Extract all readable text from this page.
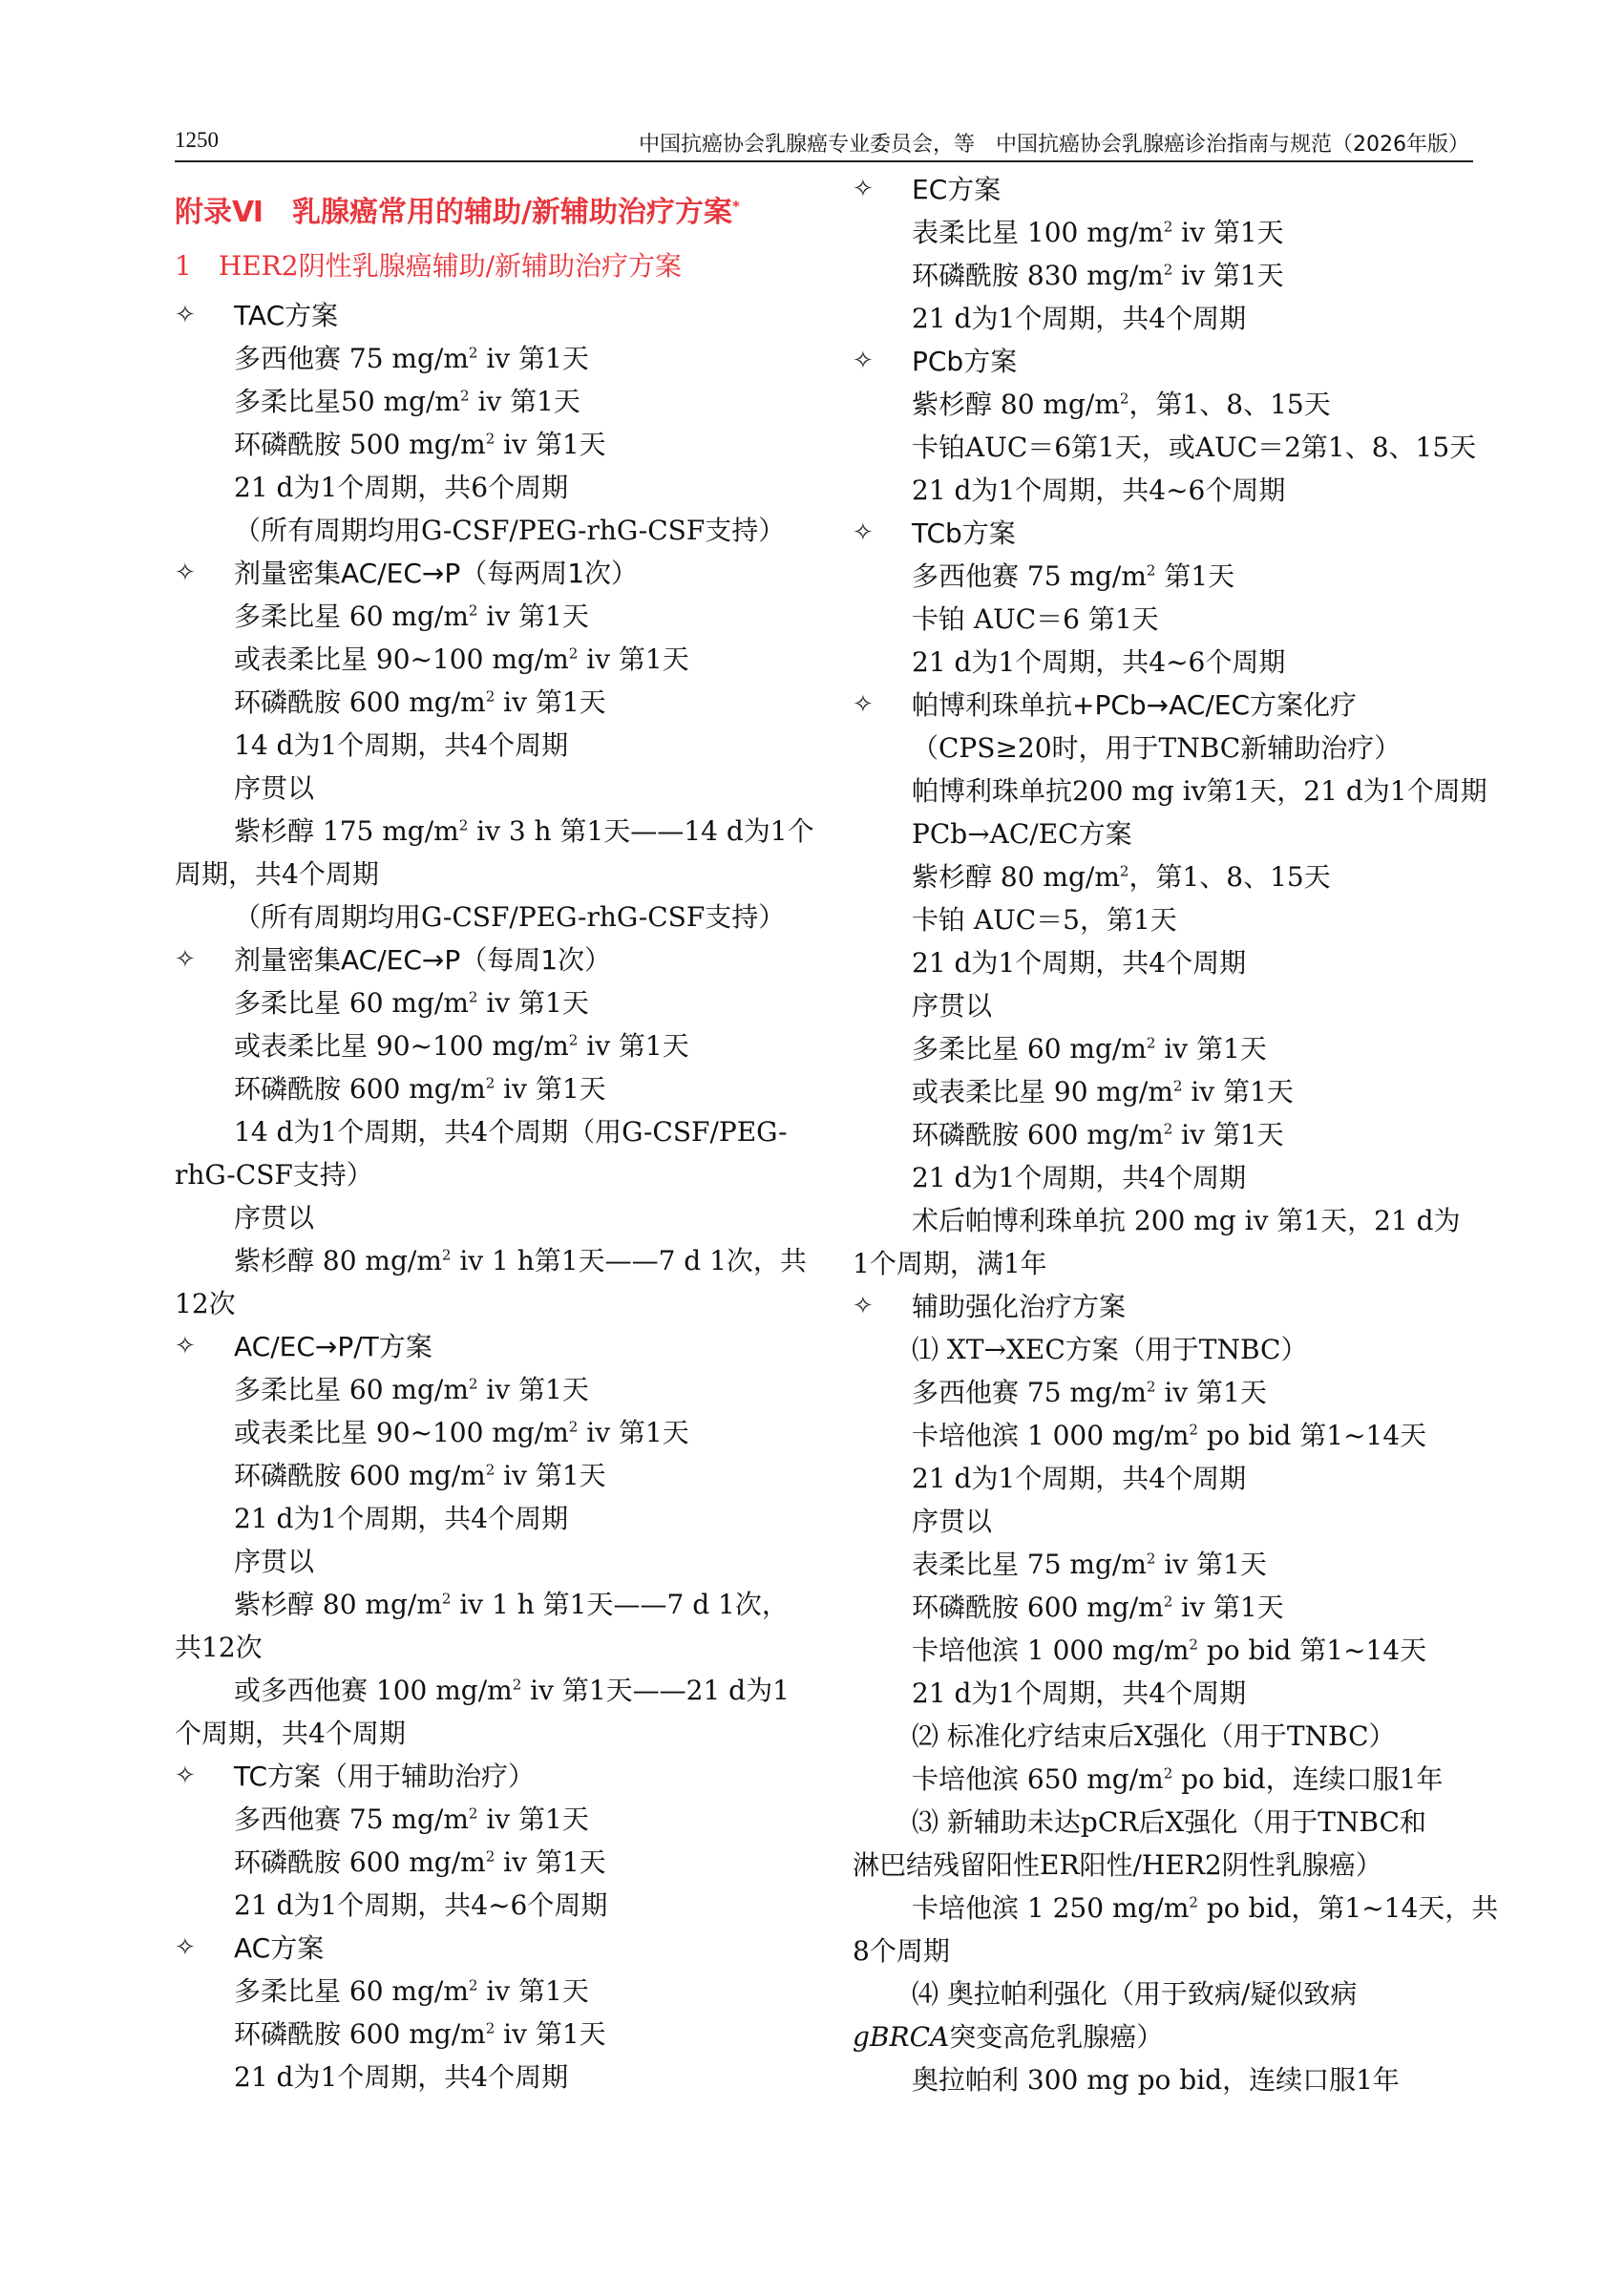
1250	中国抗癌协会乳腺癌专业委员会，等　中国抗癌协会乳腺癌诊治指南与规范（2026年版）
附录Ⅵ　乳腺癌常用的辅助/新辅助治疗方案*
1　HER2阴性乳腺癌辅助/新辅助治疗方案
✧ TAC方案
多西他赛 75 $mg/m^2$ iv 第1天
多柔比星50 $mg/m^2$ iv 第1天
环磷酰胺 500 $mg/m^2$ iv 第1天
21 d为1个周期，共6个周期
（所有周期均用G-CSF/PEG-rhG-CSF支持）
✧ 剂量密集AC/EC→P（每两周1次）
多柔比星 60 $mg/m^2$ iv 第1天
或表柔比星 90~100 $mg/m^2$ iv 第1天
环磷酰胺 600 $mg/m^2$ iv 第1天
14 d为1个周期，共4个周期
序贯以
紫杉醇 175 $mg/m^2$ iv 3 h 第1天——14 d为1个
周期，共4个周期
（所有周期均用G-CSF/PEG-rhG-CSF支持）
✧ 剂量密集AC/EC→P（每周1次）
多柔比星 60 $mg/m^2$ iv 第1天
或表柔比星 90~100 $mg/m^2$ iv 第1天
环磷酰胺 600 $mg/m^2$ iv 第1天
14 d为1个周期，共4个周期（用G-CSF/PEG-
rhG-CSF支持）
序贯以
紫杉醇 80 $mg/m^2$ iv 1 h第1天——7 d 1次，共
12次
✧ AC/EC→P/T方案
多柔比星 60 $mg/m^2$ iv 第1天
或表柔比星 90~100 $mg/m^2$ iv 第1天
环磷酰胺 600 $mg/m^2$ iv 第1天
21 d为1个周期，共4个周期
序贯以
紫杉醇 80 $mg/m^2$ iv 1 h 第1天——7 d 1次，
共12次
或多西他赛 100 $mg/m^2$ iv 第1天——21 d为1
个周期，共4个周期
✧ TC方案（用于辅助治疗）
多西他赛 75 $mg/m^2$ iv 第1天
环磷酰胺 600 $mg/m^2$ iv 第1天
21 d为1个周期，共4~6个周期
✧ AC方案
多柔比星 60 $mg/m^2$ iv 第1天
环磷酰胺 600 $mg/m^2$ iv 第1天
21 d为1个周期，共4个周期
✧ EC方案
表柔比星 100 $mg/m^2$ iv 第1天
环磷酰胺 830 $mg/m^2$ iv 第1天
21 d为1个周期，共4个周期
✧ PCb方案
紫杉醇 80 $mg/m^2$，第1、8、15天
卡铂AUC＝6第1天，或AUC＝2第1、8、15天
21 d为1个周期，共4~6个周期
✧ TCb方案
多西他赛 75 $mg/m^2$ 第1天
卡铂 AUC＝6 第1天
21 d为1个周期，共4~6个周期
✧ 帕博利珠单抗+PCb→AC/EC方案化疗
（CPS≥20时，用于TNBC新辅助治疗）
帕博利珠单抗200 mg iv第1天，21 d为1个周期
PCb→AC/EC方案
紫杉醇 80 $mg/m^2$，第1、8、15天
卡铂 AUC＝5，第1天
21 d为1个周期，共4个周期
序贯以
多柔比星 60 $mg/m^2$ iv 第1天
或表柔比星 90 $mg/m^2$ iv 第1天
环磷酰胺 600 $mg/m^2$ iv 第1天
21 d为1个周期，共4个周期
术后帕博利珠单抗 200 mg iv 第1天，21 d为
1个周期，满1年
✧ 辅助强化治疗方案
⑴ XT→XEC方案（用于TNBC）
多西他赛 75 $mg/m^2$ iv 第1天
卡培他滨 1 000 $mg/m^2$ po bid 第1~14天
21 d为1个周期，共4个周期
序贯以
表柔比星 75 $mg/m^2$ iv 第1天
环磷酰胺 600 $mg/m^2$ iv 第1天
卡培他滨 1 000 $mg/m^2$ po bid 第1~14天
21 d为1个周期，共4个周期
⑵ 标准化疗结束后X强化（用于TNBC）
卡培他滨 650 $mg/m^2$ po bid，连续口服1年
⑶ 新辅助未达pCR后X强化（用于TNBC和
淋巴结残留阳性ER阳性/HER2阴性乳腺癌）
卡培他滨 1 250 $mg/m^2$ po bid，第1~14天，共
8个周期
⑷ 奥拉帕利强化（用于致病/疑似致病
gBRCA突变高危乳腺癌）
奥拉帕利 300 mg po bid，连续口服1年
